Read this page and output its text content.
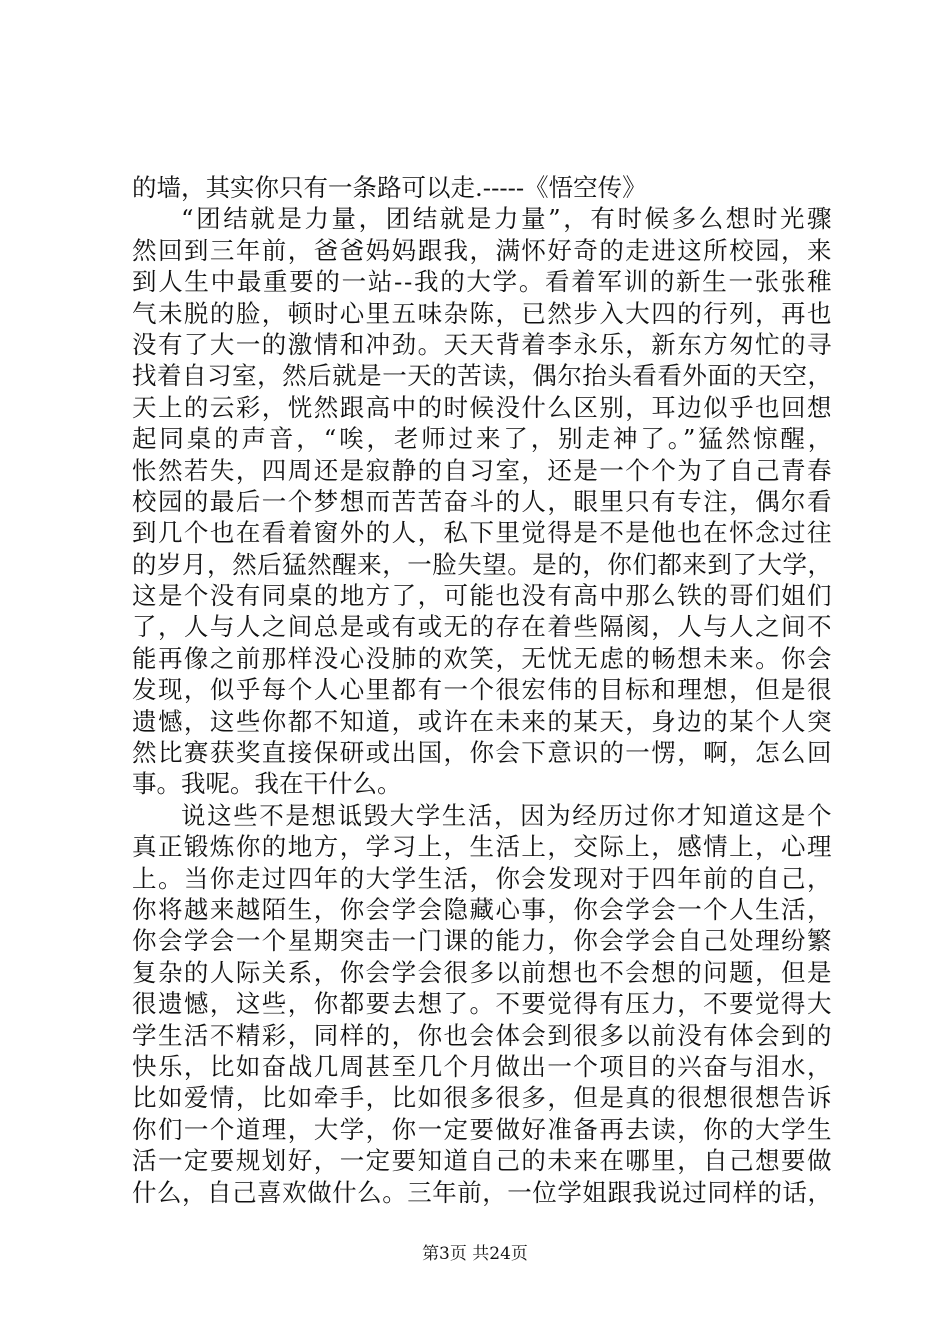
的墙，其实你只有一条路可以走.-----《悟空传》
“团结就是力量，团结就是力量”，有时候多么想时光骤
然回到三年前，爸爸妈妈跟我，满怀好奇的走进这所校园，来
到人生中最重要的一站--我的大学。看着军训的新生一张张稚
气未脱的脸，顿时心里五味杂陈，已然步入大四的行列，再也
没有了大一的激情和冲劲。天天背着李永乐，新东方匆忙的寻
找着自习室，然后就是一天的苦读，偶尔抬头看看外面的天空，
天上的云彩，恍然跟高中的时候没什么区别，耳边似乎也回想
起同桌的声音，“唉，老师过来了，别走神了。”猛然惊醒，
怅然若失，四周还是寂静的自习室，还是一个个为了自己青春
校园的最后一个梦想而苦苦奋斗的人，眼里只有专注，偶尔看
到几个也在看着窗外的人，私下里觉得是不是他也在怀念过往
的岁月，然后猛然醒来，一脸失望。是的，你们都来到了大学，
这是个没有同桌的地方了，可能也没有高中那么铁的哥们姐们
了，人与人之间总是或有或无的存在着些隔阂，人与人之间不
能再像之前那样没心没肺的欢笑，无忧无虑的畅想未来。你会
发现，似乎每个人心里都有一个很宏伟的目标和理想，但是很
遗憾，这些你都不知道，或许在未来的某天，身边的某个人突
然比赛获奖直接保研或出国，你会下意识的一愣，啊，怎么回
事。我呢。我在干什么。
说这些不是想诋毁大学生活，因为经历过你才知道这是个
真正锻炼你的地方，学习上，生活上，交际上，感情上，心理
上。当你走过四年的大学生活，你会发现对于四年前的自己，
你将越来越陌生，你会学会隐藏心事，你会学会一个人生活，
你会学会一个星期突击一门课的能力，你会学会自己处理纷繁
复杂的人际关系，你会学会很多以前想也不会想的问题，但是
很遗憾，这些，你都要去想了。不要觉得有压力，不要觉得大
学生活不精彩，同样的，你也会体会到很多以前没有体会到的
快乐，比如奋战几周甚至几个月做出一个项目的兴奋与泪水，
比如爱情，比如牵手，比如很多很多，但是真的很想很想告诉
你们一个道理，大学，你一定要做好准备再去读，你的大学生
活一定要规划好，一定要知道自己的未来在哪里，自己想要做
什么，自己喜欢做什么。三年前，一位学姐跟我说过同样的话，
第3页 共24页
